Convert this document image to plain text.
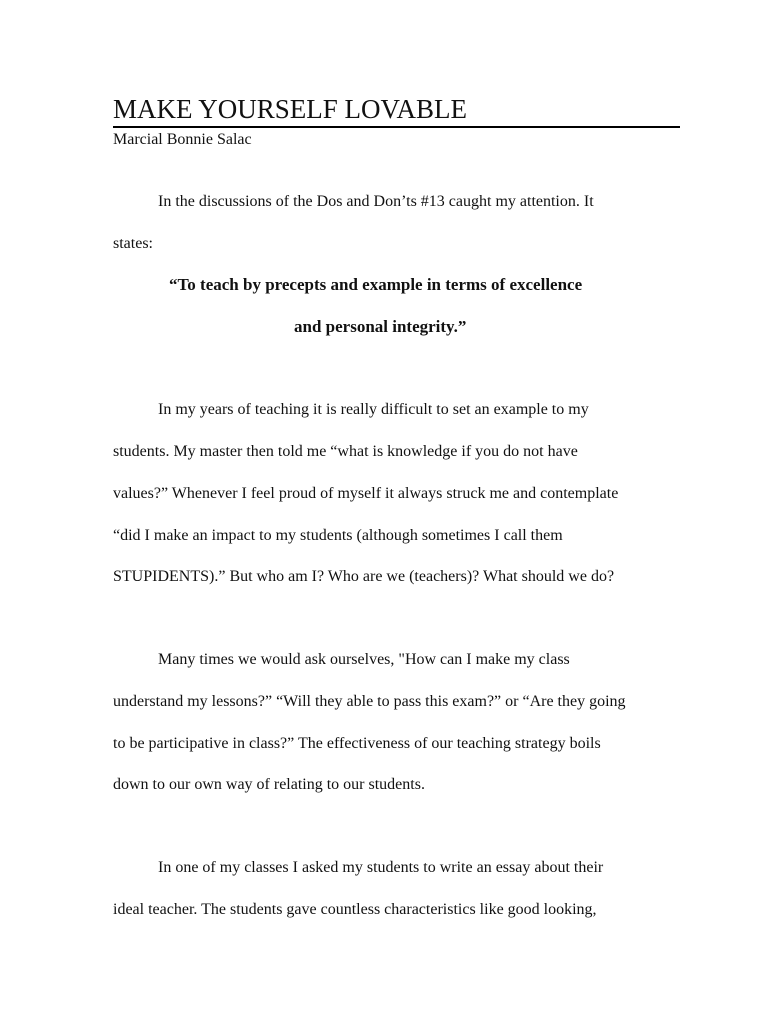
MAKE YOURSELF LOVABLE
Marcial Bonnie Salac
In the discussions of the Dos and Don’ts #13 caught my attention. It
states:
“To teach by precepts and example in terms of excellence
and personal integrity.”
In my years of teaching it is really difficult to set an example to my
students. My master then told me “what is knowledge if you do not have
values?” Whenever I feel proud of myself it always struck me and contemplate
“did I make an impact to my students (although sometimes I call them
STUPIDENTS).” But who am I? Who are we (teachers)? What should we do?
Many times we would ask ourselves, "How can I make my class
understand my lessons?” “Will they able to pass this exam?” or “Are they going
to be participative in class?” The effectiveness of our teaching strategy boils
down to our own way of relating to our students.
In one of my classes I asked my students to write an essay about their
ideal teacher. The students gave countless characteristics like good looking,
